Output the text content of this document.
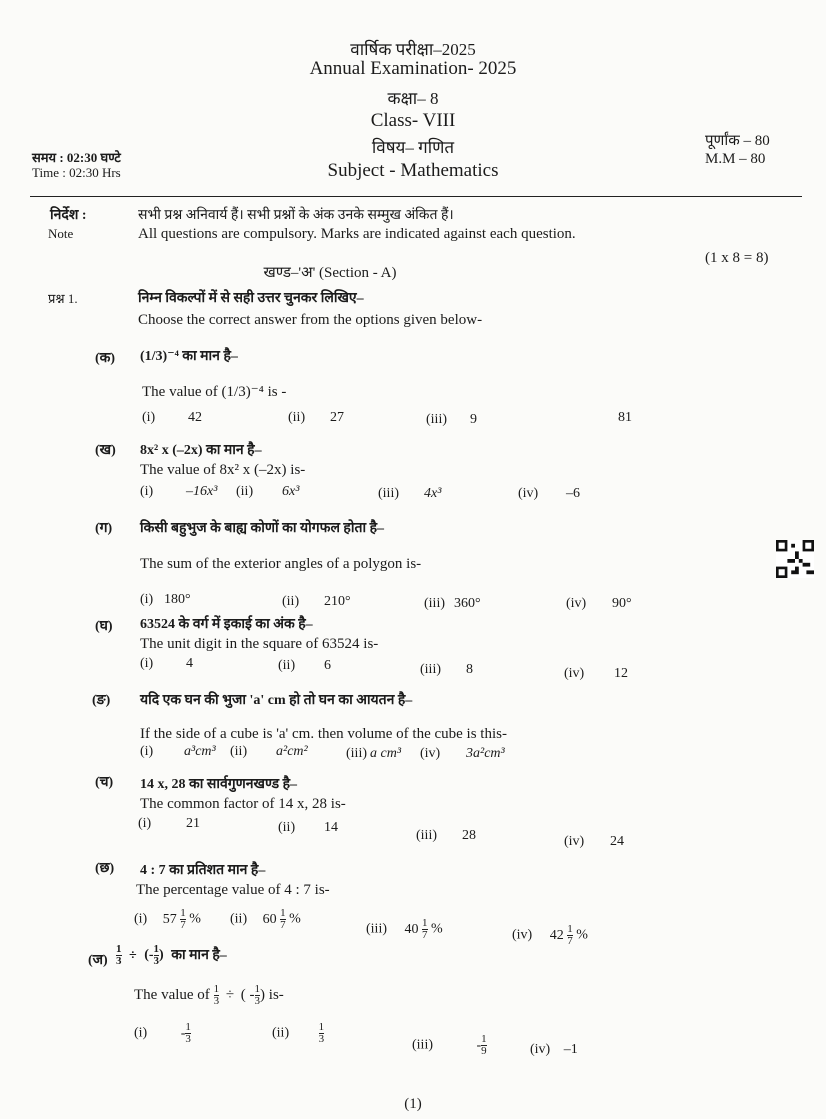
वार्षिक परीक्षा–2025
Annual Examination- 2025
कक्षा– 8
Class- VIII
विषय– गणित
Subject - Mathematics
समय : 02:30 घण्टे
Time : 02:30 Hrs
पूर्णांक – 80
M.M – 80
निर्देश :
Note
सभी प्रश्न अनिवार्य हैं। सभी प्रश्नों के अंक उनके सम्मुख अंकित हैं।
All questions are compulsory. Marks are indicated against each question.
खण्ड–'अ' (Section - A)
(1 x 8 = 8)
प्रश्न 1.	निम्न विकल्पों में से सही उत्तर चुनकर लिखिए–
Choose the correct answer from the options given below-
(क) (1/3)⁻⁴ का मान है–
The value of (1/3)⁻⁴ is -
(i) 42	(ii) 27	(iii) 9	81
(ख) 8x² x (–2x) का मान है–
The value of 8x² x (–2x) is-
(i) –16x³ (ii) 6x³	(iii) 4x³	(iv) –6
(ग) किसी बहुभुज के बाह्य कोणों का योगफल होता है–
The sum of the exterior angles of a polygon is-
(i) 180°	(ii) 210°	(iii) 360°	(iv) 90°
(घ) 63524 के वर्ग में इकाई का अंक है–
The unit digit in the square of 63524 is-
(i) 4	(ii) 6	(iii) 8	(iv) 12
(ङ) यदि एक घन की भुजा 'a' cm हो तो घन का आयतन है–
If the side of a cube is 'a' cm. then volume of the cube is this-
(i) a³cm³ (ii) a²cm²	(iii) a cm³ (iv) 3a²cm³
(च) 14 x, 28 का सार्वगुणनखण्ड है–
The common factor of 14 x, 28 is-
(i) 21	(ii) 14
(iii) 28	(iv) 24
(छ) 4 : 7 का प्रतिशत मान है–
The percentage value of 4 : 7 is-
(i) $57 \frac{1}{7}$ % (ii) $60 \frac{1}{7}$ %
(iii) $40 \frac{1}{7}$ %	(iv) $42 \frac{1}{7}$ %
(ज) $\frac{1}{3}$ ÷ (- $\frac{1}{3}$ ) का मान है–
The value of $\frac{1}{3}$ ÷ ( - $\frac{1}{3}$ ) is-
$(i) - \frac{1}{3}$	(ii)	$\frac{1}{3}$
(iii)	- $\frac{1}{9}$	(iv) –1
(1)
